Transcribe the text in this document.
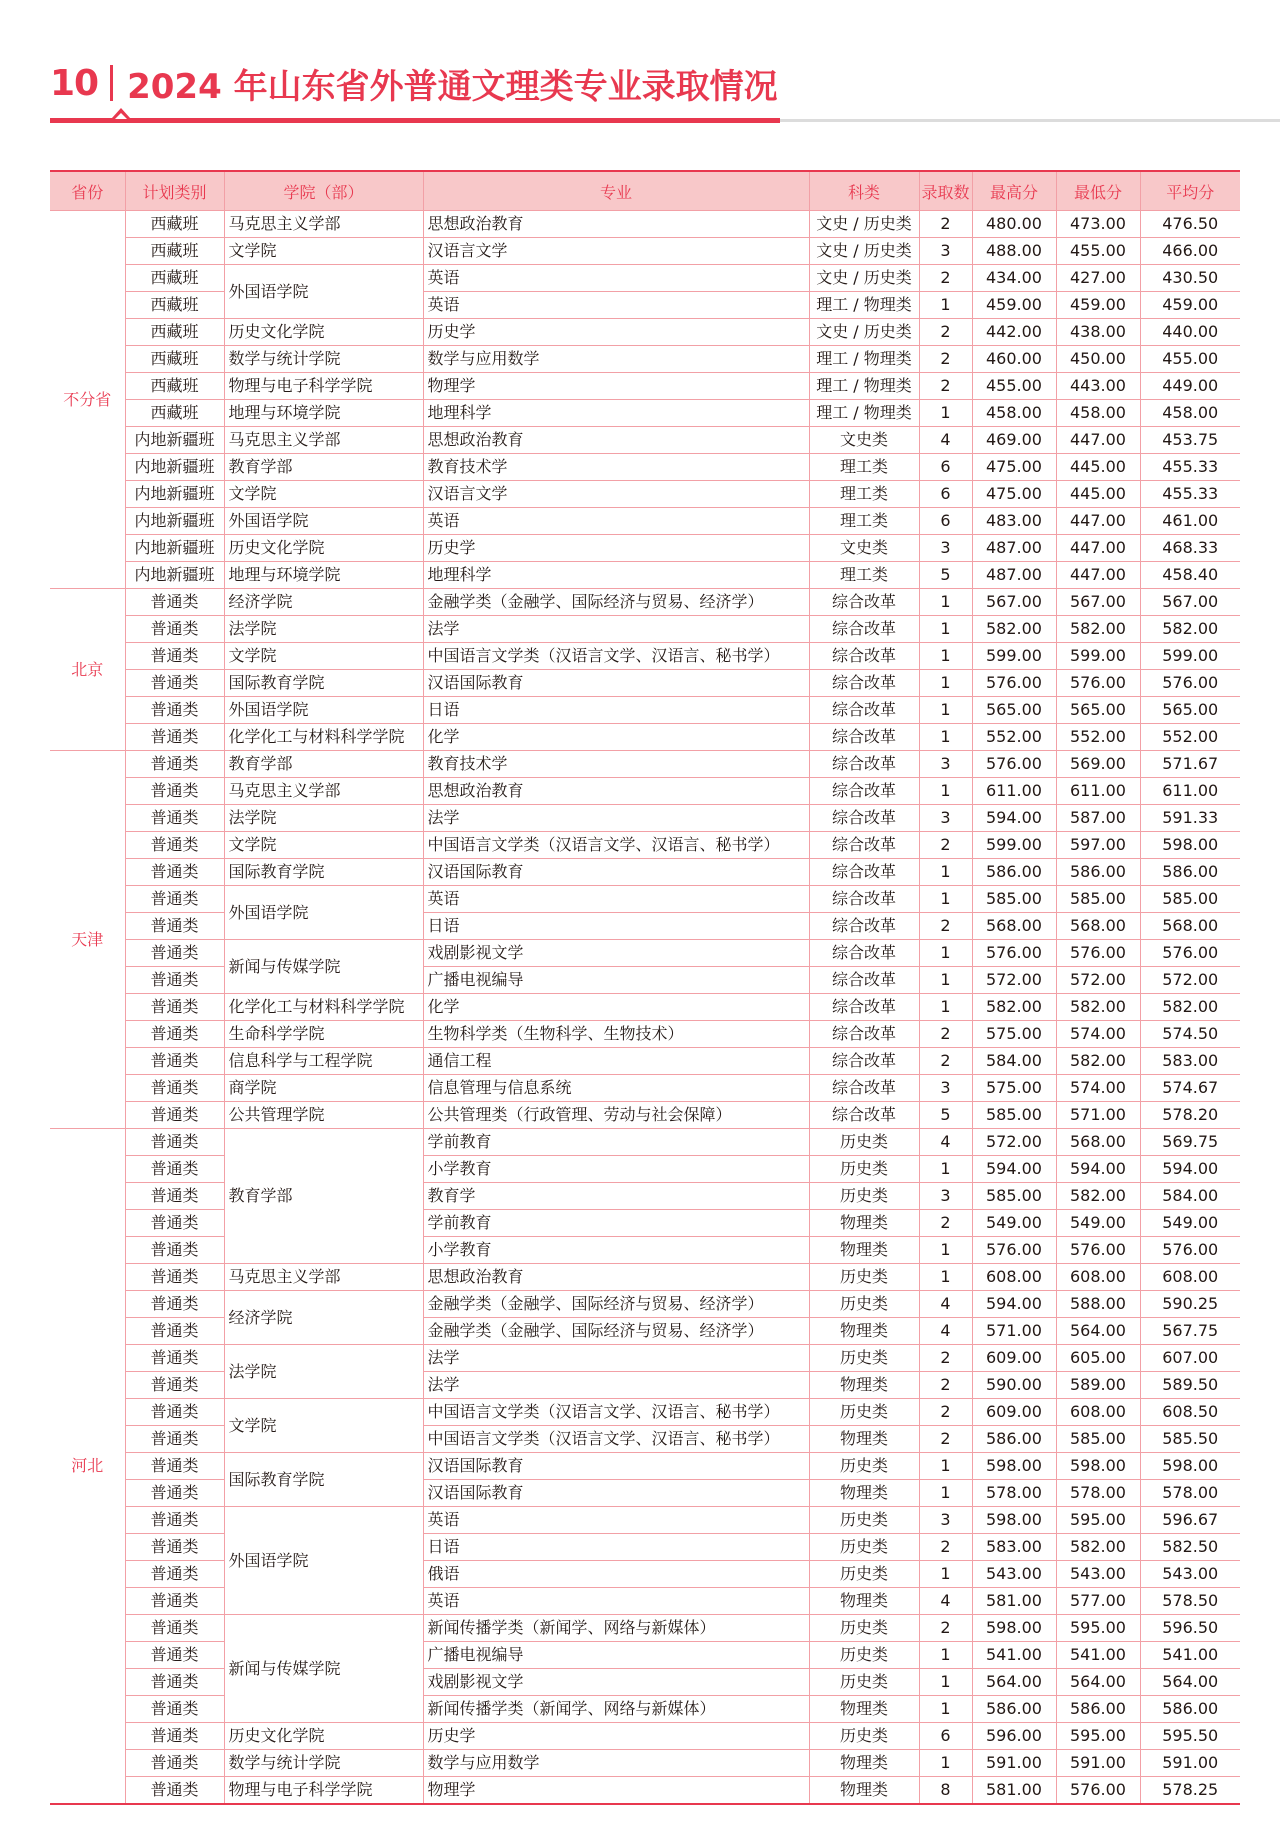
10 2024 年山东省外普通文理类专业录取情况
省份	计划类别	学院（部）	专业	科类	录取数	最高分	最低分	平均分
不分省	西藏班	马克思主义学部	思想政治教育	文史 / 历史类	2	480.00	473.00	476.50
	西藏班	文学院	汉语言文学	文史 / 历史类	3	488.00	455.00	466.00
	西藏班	外国语学院	英语	文史 / 历史类	2	434.00	427.00	430.50
	西藏班		英语	理工 / 物理类	1	459.00	459.00	459.00
	西藏班	历史文化学院	历史学	文史 / 历史类	2	442.00	438.00	440.00
	西藏班	数学与统计学院	数学与应用数学	理工 / 物理类	2	460.00	450.00	455.00
	西藏班	物理与电子科学学院	物理学	理工 / 物理类	2	455.00	443.00	449.00
	西藏班	地理与环境学院	地理科学	理工 / 物理类	1	458.00	458.00	458.00
	内地新疆班	马克思主义学部	思想政治教育	文史类	4	469.00	447.00	453.75
	内地新疆班	教育学部	教育技术学	理工类	6	475.00	445.00	455.33
	内地新疆班	文学院	汉语言文学	理工类	6	475.00	445.00	455.33
	内地新疆班	外国语学院	英语	理工类	6	483.00	447.00	461.00
	内地新疆班	历史文化学院	历史学	文史类	3	487.00	447.00	468.33
	内地新疆班	地理与环境学院	地理科学	理工类	5	487.00	447.00	458.40
北京	普通类	经济学院	金融学类（金融学、国际经济与贸易、经济学）	综合改革	1	567.00	567.00	567.00
	普通类	法学院	法学	综合改革	1	582.00	582.00	582.00
	普通类	文学院	中国语言文学类（汉语言文学、汉语言、秘书学）	综合改革	1	599.00	599.00	599.00
	普通类	国际教育学院	汉语国际教育	综合改革	1	576.00	576.00	576.00
	普通类	外国语学院	日语	综合改革	1	565.00	565.00	565.00
	普通类	化学化工与材料科学学院	化学	综合改革	1	552.00	552.00	552.00
天津	普通类	教育学部	教育技术学	综合改革	3	576.00	569.00	571.67
	普通类	马克思主义学部	思想政治教育	综合改革	1	611.00	611.00	611.00
	普通类	法学院	法学	综合改革	3	594.00	587.00	591.33
	普通类	文学院	中国语言文学类（汉语言文学、汉语言、秘书学）	综合改革	2	599.00	597.00	598.00
	普通类	国际教育学院	汉语国际教育	综合改革	1	586.00	586.00	586.00
	普通类	外国语学院	英语	综合改革	1	585.00	585.00	585.00
	普通类		日语	综合改革	2	568.00	568.00	568.00
	普通类	新闻与传媒学院	戏剧影视文学	综合改革	1	576.00	576.00	576.00
	普通类		广播电视编导	综合改革	1	572.00	572.00	572.00
	普通类	化学化工与材料科学学院	化学	综合改革	1	582.00	582.00	582.00
	普通类	生命科学学院	生物科学类（生物科学、生物技术）	综合改革	2	575.00	574.00	574.50
	普通类	信息科学与工程学院	通信工程	综合改革	2	584.00	582.00	583.00
	普通类	商学院	信息管理与信息系统	综合改革	3	575.00	574.00	574.67
	普通类	公共管理学院	公共管理类（行政管理、劳动与社会保障）	综合改革	5	585.00	571.00	578.20
河北	普通类	教育学部	学前教育	历史类	4	572.00	568.00	569.75
	普通类		小学教育	历史类	1	594.00	594.00	594.00
	普通类		教育学	历史类	3	585.00	582.00	584.00
	普通类		学前教育	物理类	2	549.00	549.00	549.00
	普通类		小学教育	物理类	1	576.00	576.00	576.00
	普通类	马克思主义学部	思想政治教育	历史类	1	608.00	608.00	608.00
	普通类	经济学院	金融学类（金融学、国际经济与贸易、经济学）	历史类	4	594.00	588.00	590.25
	普通类		金融学类（金融学、国际经济与贸易、经济学）	物理类	4	571.00	564.00	567.75
	普通类	法学院	法学	历史类	2	609.00	605.00	607.00
	普通类		法学	物理类	2	590.00	589.00	589.50
	普通类	文学院	中国语言文学类（汉语言文学、汉语言、秘书学）	历史类	2	609.00	608.00	608.50
	普通类		中国语言文学类（汉语言文学、汉语言、秘书学）	物理类	2	586.00	585.00	585.50
	普通类	国际教育学院	汉语国际教育	历史类	1	598.00	598.00	598.00
	普通类		汉语国际教育	物理类	1	578.00	578.00	578.00
	普通类	外国语学院	英语	历史类	3	598.00	595.00	596.67
	普通类		日语	历史类	2	583.00	582.00	582.50
	普通类		俄语	历史类	1	543.00	543.00	543.00
	普通类		英语	物理类	4	581.00	577.00	578.50
	普通类	新闻与传媒学院	新闻传播学类（新闻学、网络与新媒体）	历史类	2	598.00	595.00	596.50
	普通类		广播电视编导	历史类	1	541.00	541.00	541.00
	普通类		戏剧影视文学	历史类	1	564.00	564.00	564.00
	普通类		新闻传播学类（新闻学、网络与新媒体）	物理类	1	586.00	586.00	586.00
	普通类	历史文化学院	历史学	历史类	6	596.00	595.00	595.50
	普通类	数学与统计学院	数学与应用数学	物理类	1	591.00	591.00	591.00
	普通类	物理与电子科学学院	物理学	物理类	8	581.00	576.00	578.25
